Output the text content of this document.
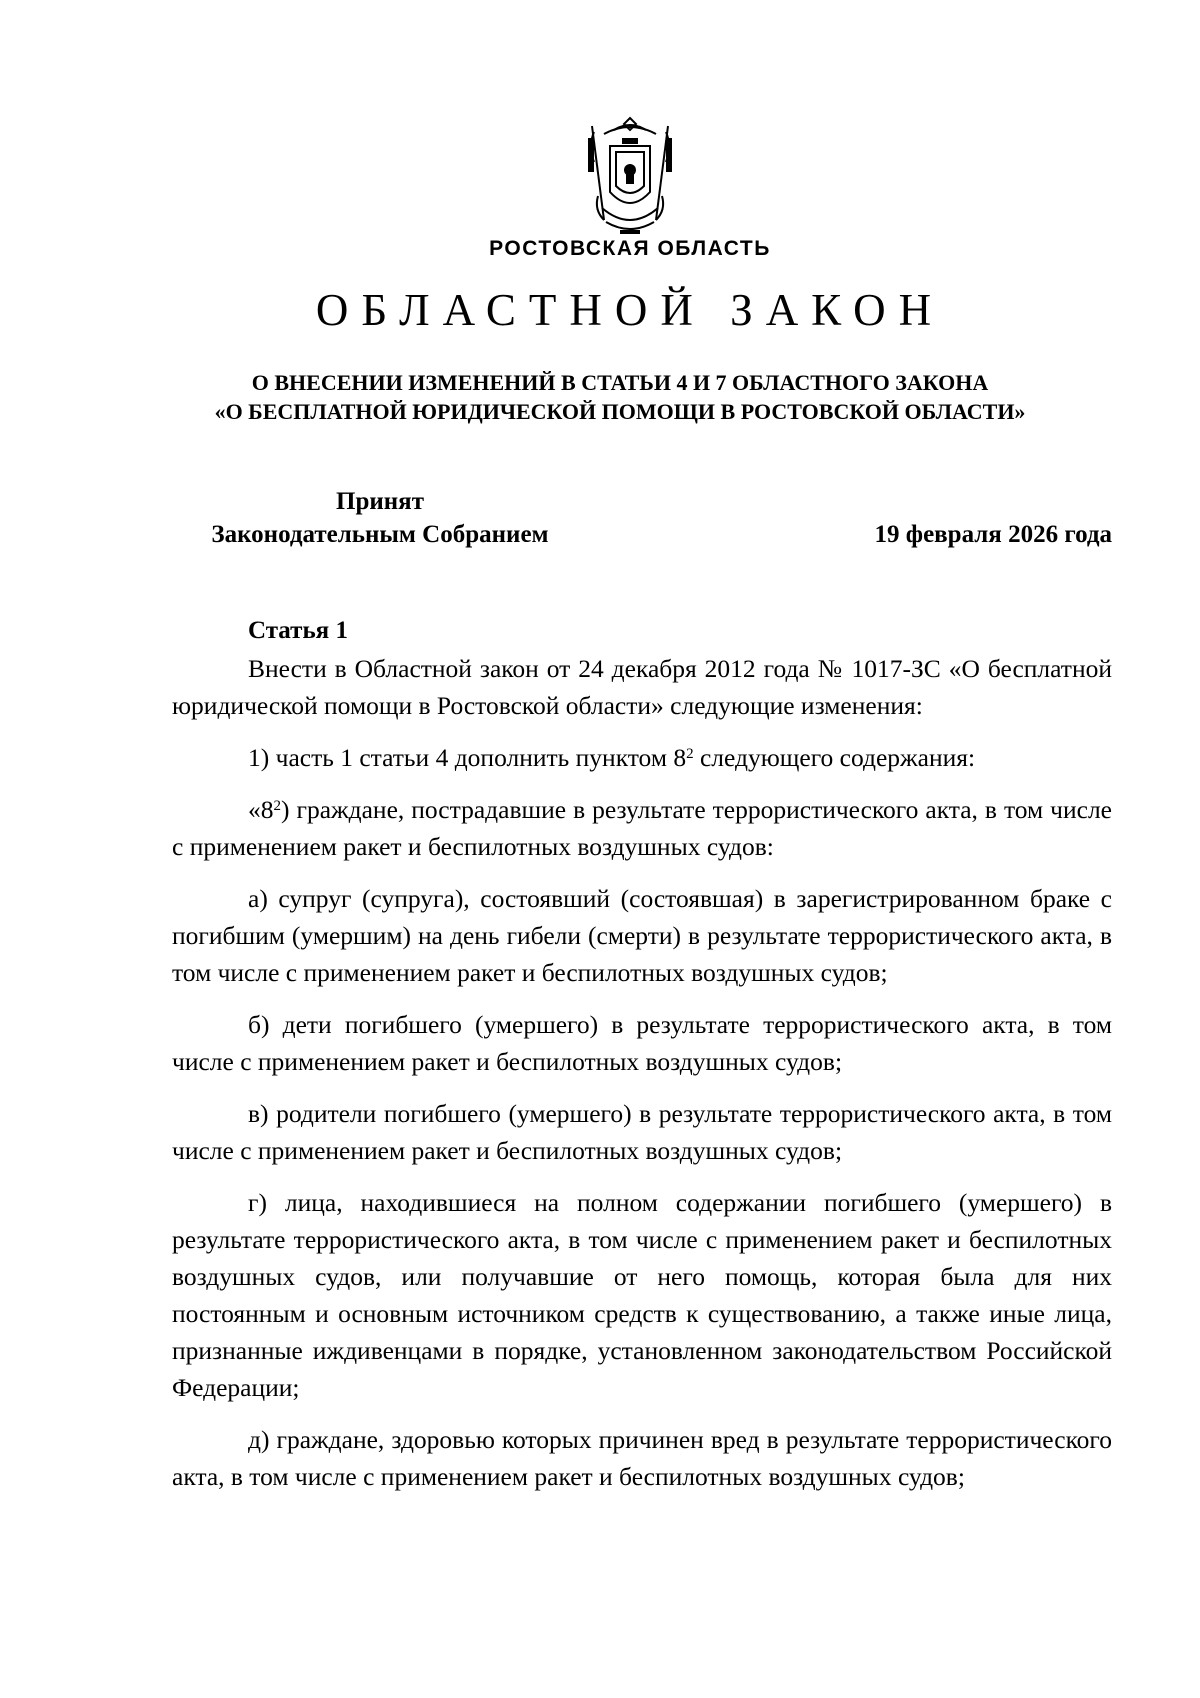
РОСТОВСКАЯ ОБЛАСТЬ
ОБЛАСТНОЙ ЗАКОН
О ВНЕСЕНИИ ИЗМЕНЕНИЙ В СТАТЬИ 4 И 7 ОБЛАСТНОГО ЗАКОНА
«О БЕСПЛАТНОЙ ЮРИДИЧЕСКОЙ ПОМОЩИ В РОСТОВСКОЙ ОБЛАСТИ»
Принят
Законодательным Собранием	19 февраля 2026 года
Статья 1

Внести в Областной закон от 24 декабря 2012 года № 1017-ЗС «О бесплатной юридической помощи в Ростовской области» следующие изменения:

1) часть 1 статьи 4 дополнить пунктом $8^2$ следующего содержания:

«$8^2$) граждане, пострадавшие в результате террористического акта, в том числе с применением ракет и беспилотных воздушных судов:

а) супруг (супруга), состоявший (состоявшая) в зарегистрированном браке с погибшим (умершим) на день гибели (смерти) в результате террористического акта, в том числе с применением ракет и беспилотных воздушных судов;

б) дети погибшего (умершего) в результате террористического акта, в том числе с применением ракет и беспилотных воздушных судов;

в) родители погибшего (умершего) в результате террористического акта, в том числе с применением ракет и беспилотных воздушных судов;

г) лица, находившиеся на полном содержании погибшего (умершего) в результате террористического акта, в том числе с применением ракет и беспилотных воздушных судов, или получавшие от него помощь, которая была для них постоянным и основным источником средств к существованию, а также иные лица, признанные иждивенцами в порядке, установленном законодательством Российской Федерации;

д) граждане, здоровью которых причинен вред в результате террористического акта, в том числе с применением ракет и беспилотных воздушных судов;
